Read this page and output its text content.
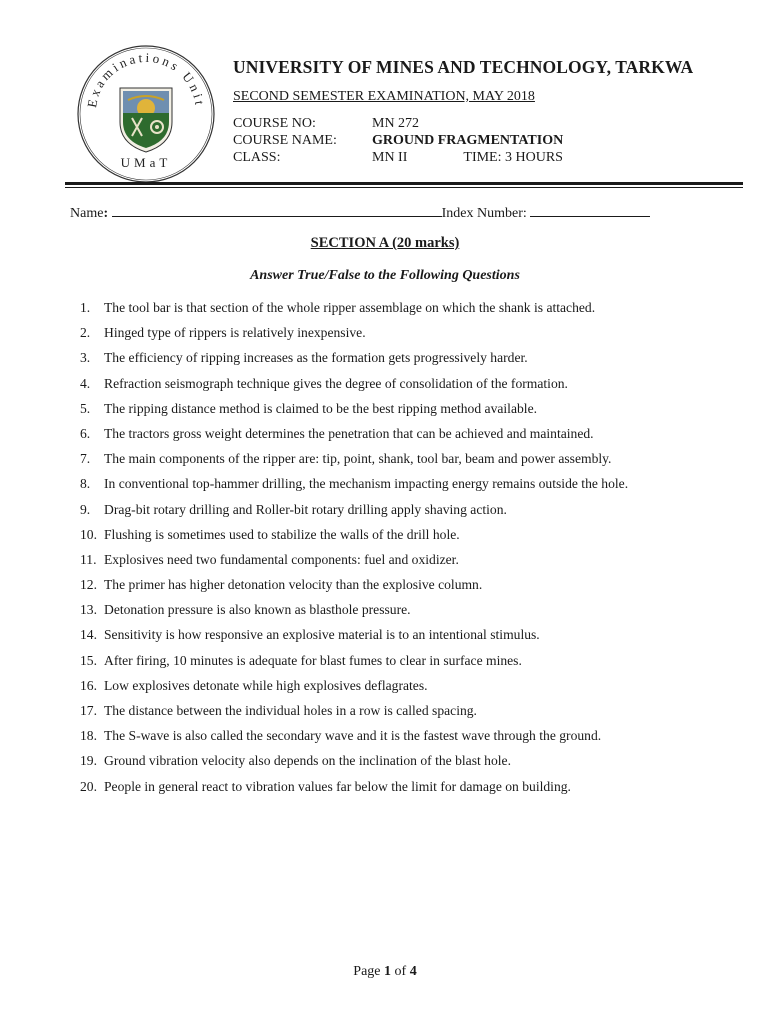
Examinations Unit
UMaT
UNIVERSITY OF MINES AND TECHNOLOGY, TARKWA
SECOND SEMESTER EXAMINATION, MAY 2018
COURSE NO:	MN 272
COURSE NAME:	GROUND FRAGMENTATION
CLASS:	MN II	TIME: 3 HOURS
Name:	Index Number:
SECTION A (20 marks)
Answer True/False to the Following Questions
1.	The tool bar is that section of the whole ripper assemblage on which the shank is attached.
2.	Hinged type of rippers is relatively inexpensive.
3.	The efficiency of ripping increases as the formation gets progressively harder.
4.	Refraction seismograph technique gives the degree of consolidation of the formation.
5.	The ripping distance method is claimed to be the best ripping method available.
6.	The tractors gross weight determines the penetration that can be achieved and maintained.
7.	The main components of the ripper are: tip, point, shank, tool bar, beam and power assembly.
8.	In conventional top-hammer drilling, the mechanism impacting energy remains outside the hole.
9.	Drag-bit rotary drilling and Roller-bit rotary drilling apply shaving action.
10. Flushing is sometimes used to stabilize the walls of the drill hole.
11. Explosives need two fundamental components: fuel and oxidizer.
12. The primer has higher detonation velocity than the explosive column.
13. Detonation pressure is also known as blasthole pressure.
14. Sensitivity is how responsive an explosive material is to an intentional stimulus.
15. After firing, 10 minutes is adequate for blast fumes to clear in surface mines.
16. Low explosives detonate while high explosives deflagrates.
17. The distance between the individual holes in a row is called spacing.
18. The S-wave is also called the secondary wave and it is the fastest wave through the ground.
19. Ground vibration velocity also depends on the inclination of the blast hole.
20. People in general react to vibration values far below the limit for damage on building.
Page 1 of 4
